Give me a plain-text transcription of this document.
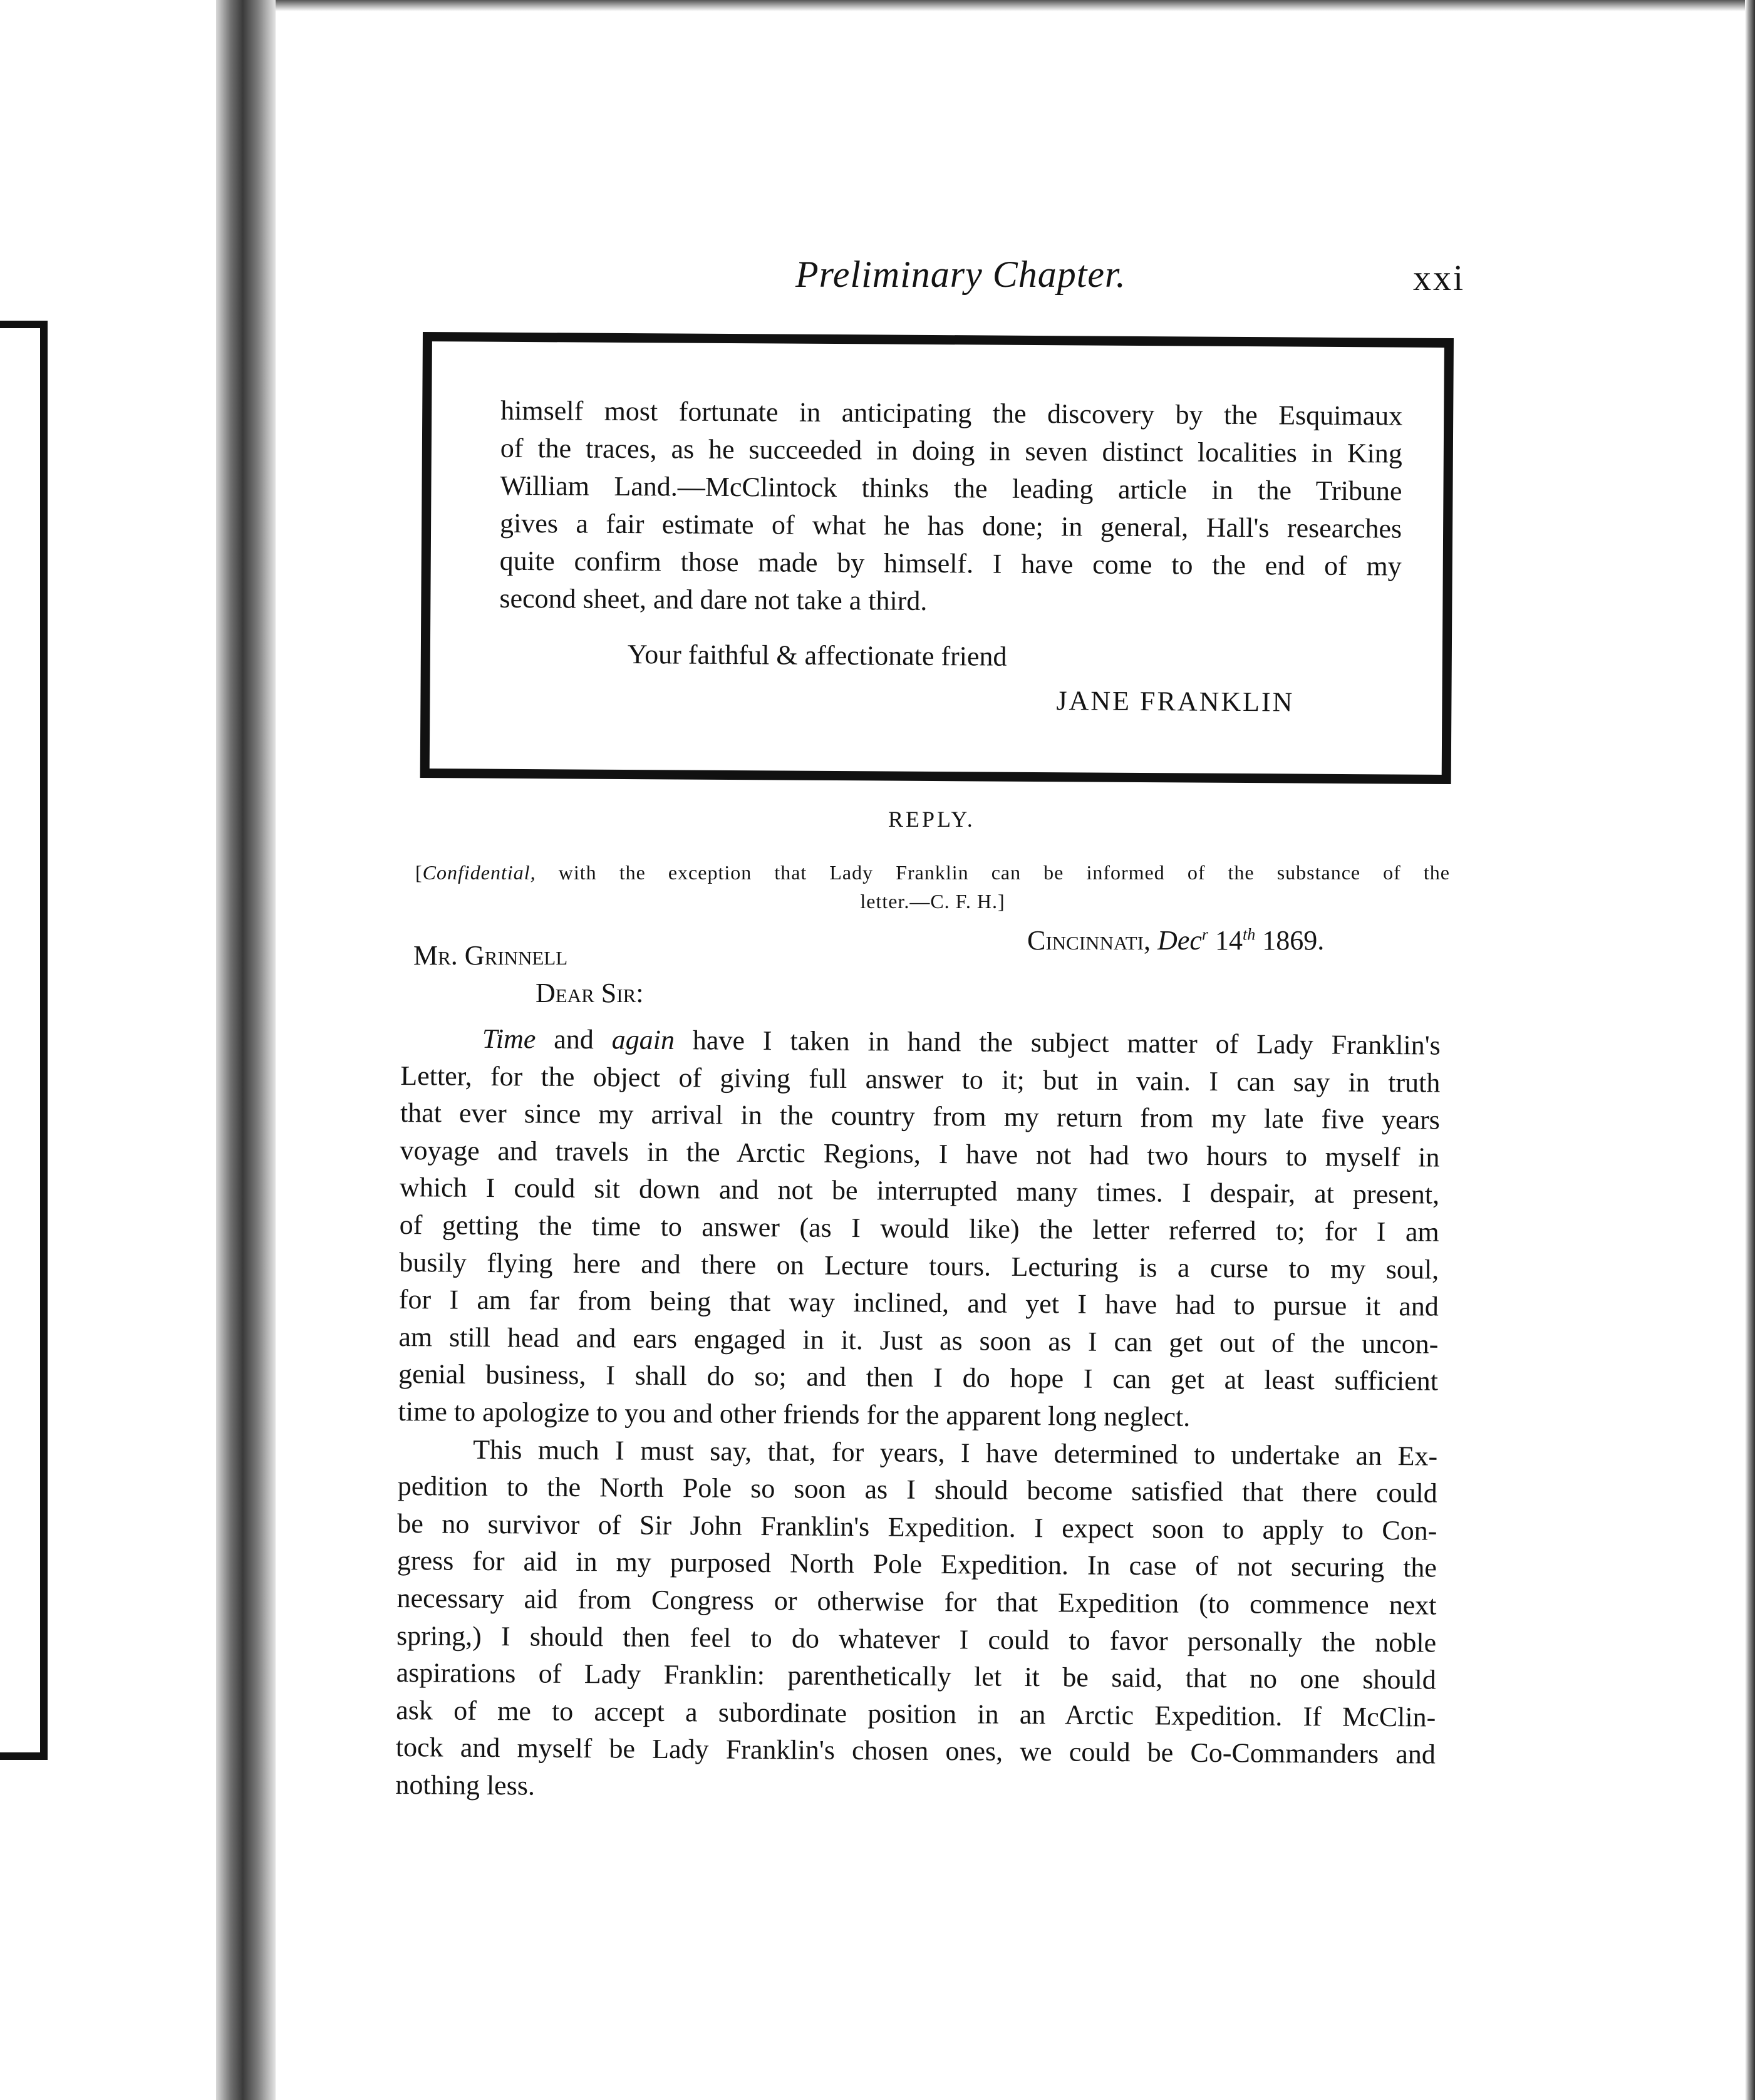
Preliminary Chapter.	xxi
himself most fortunate in anticipating the discovery by the Esquimaux
of the traces, as he succeeded in doing in seven distinct localities in King
William Land.—McClintock thinks the leading article in the Tribune
gives a fair estimate of what he has done; in general, Hall's researches
quite confirm those made by himself. I have come to the end of my
second sheet, and dare not take a third.
Your faithful & affectionate friend
JANE FRANKLIN
REPLY.
[Confidential, with the exception that Lady Franklin can be informed of the substance of the
letter.—C. F. H.]
Cincinnati, Dec$^r$ 14th 1869.
Mr. Grinnell
Dear Sir:
Time and again have I taken in hand the subject matter of Lady Franklin's
Letter, for the object of giving full answer to it; but in vain. I can say in truth
that ever since my arrival in the country from my return from my late five years
voyage and travels in the Arctic Regions, I have not had two hours to myself in
which I could sit down and not be interrupted many times. I despair, at present,
of getting the time to answer (as I would like) the letter referred to; for I am
busily flying here and there on Lecture tours. Lecturing is a curse to my soul,
for I am far from being that way inclined, and yet I have had to pursue it and
am still head and ears engaged in it. Just as soon as I can get out of the uncon-
genial business, I shall do so; and then I do hope I can get at least sufficient
time to apologize to you and other friends for the apparent long neglect.
This much I must say, that, for years, I have determined to undertake an Ex-
pedition to the North Pole so soon as I should become satisfied that there could
be no survivor of Sir John Franklin's Expedition. I expect soon to apply to Con-
gress for aid in my purposed North Pole Expedition. In case of not securing the
necessary aid from Congress or otherwise for that Expedition (to commence next
spring,) I should then feel to do whatever I could to favor personally the noble
aspirations of Lady Franklin: parenthetically let it be said, that no one should
ask of me to accept a subordinate position in an Arctic Expedition. If McClin-
tock and myself be Lady Franklin's chosen ones, we could be Co-Commanders and
nothing less.
